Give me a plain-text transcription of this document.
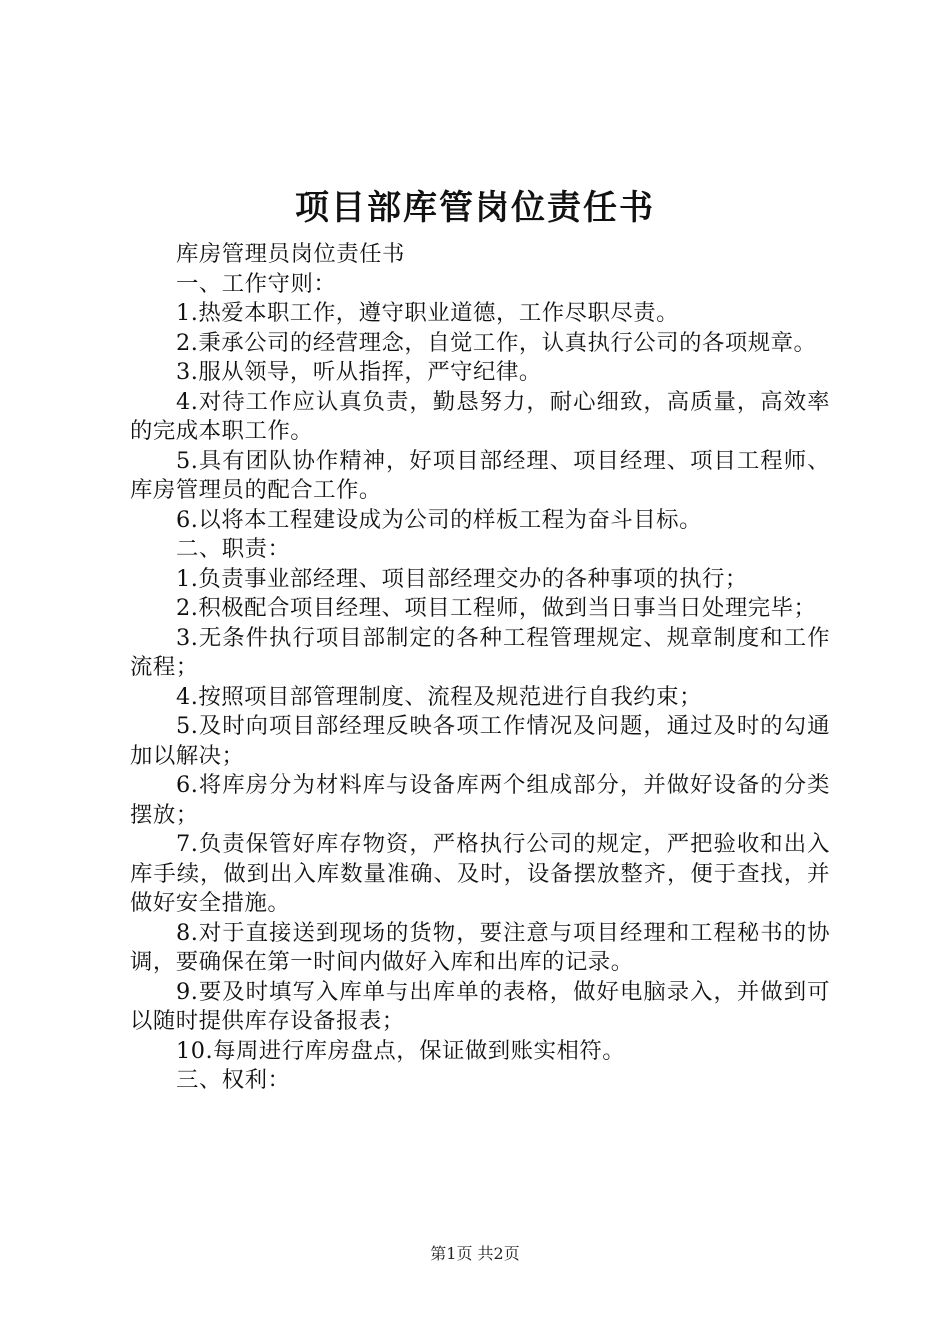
项目部库管岗位责任书

库房管理员岗位责任书

一、工作守则：

1.热爱本职工作，遵守职业道德，工作尽职尽责。

2.秉承公司的经营理念，自觉工作，认真执行公司的各项规章。

3.服从领导，听从指挥，严守纪律。

4.对待工作应认真负责，勤恳努力，耐心细致，高质量，高效率的完成本职工作。

5.具有团队协作精神，好项目部经理、项目经理、项目工程师、库房管理员的配合工作。

6.以将本工程建设成为公司的样板工程为奋斗目标。

二、职责：

1.负责事业部经理、项目部经理交办的各种事项的执行；

2.积极配合项目经理、项目工程师，做到当日事当日处理完毕；

3.无条件执行项目部制定的各种工程管理规定、规章制度和工作流程；

4.按照项目部管理制度、流程及规范进行自我约束；

5.及时向项目部经理反映各项工作情况及问题，通过及时的勾通加以解决；

6.将库房分为材料库与设备库两个组成部分，并做好设备的分类摆放；

7.负责保管好库存物资，严格执行公司的规定，严把验收和出入库手续，做到出入库数量准确、及时，设备摆放整齐，便于查找，并做好安全措施。

8.对于直接送到现场的货物，要注意与项目经理和工程秘书的协调，要确保在第一时间内做好入库和出库的记录。

9.要及时填写入库单与出库单的表格，做好电脑录入，并做到可以随时提供库存设备报表；

10.每周进行库房盘点，保证做到账实相符。

三、权利：

第1页 共2页
